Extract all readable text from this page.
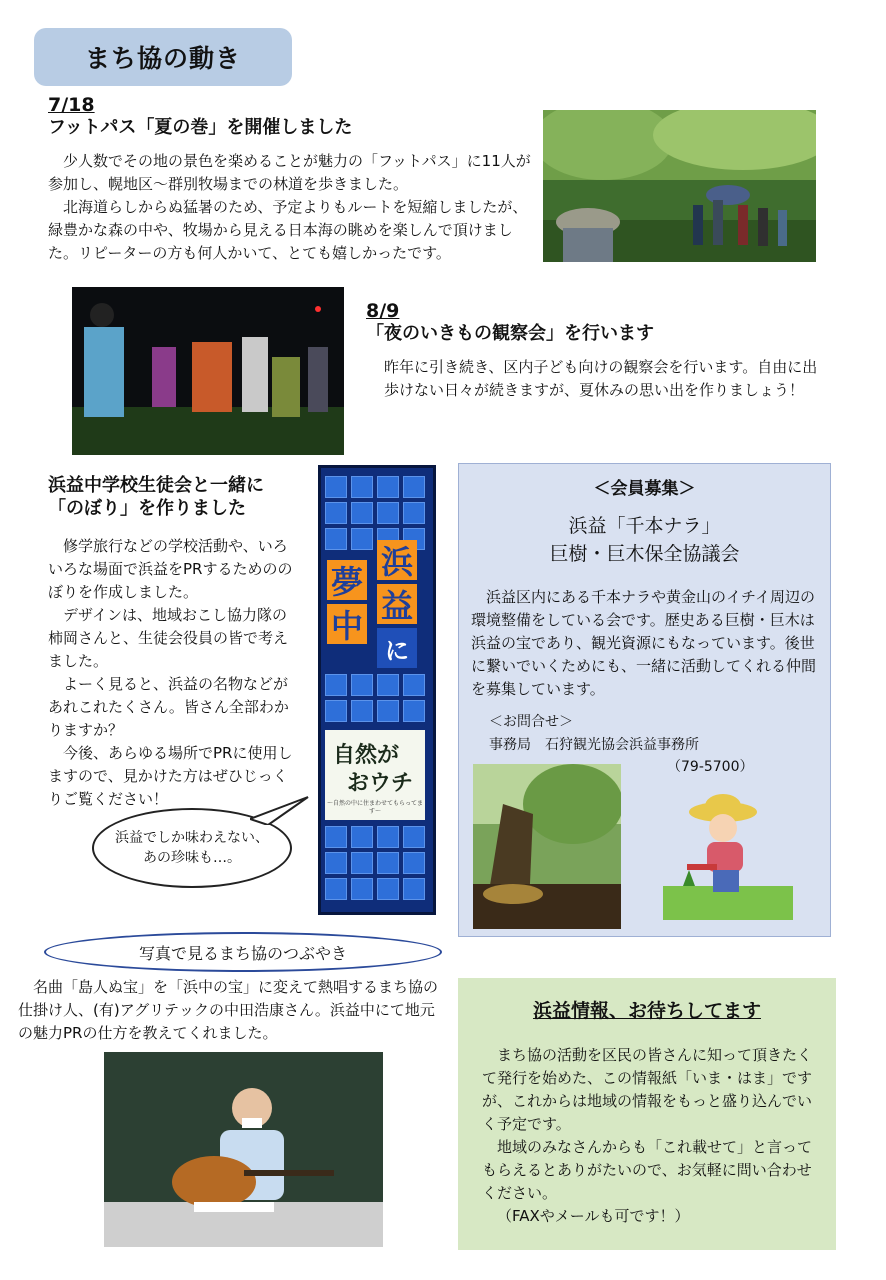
まち協の動き
7/18
フットパス「夏の巻」を開催しました

少人数でその地の景色を楽めることが魅力の「フットパス」に11人が参加し、幌地区～群別牧場までの林道を歩きました。

北海道らしからぬ猛暑のため、予定よりもルートを短縮しましたが、緑豊かな森の中や、牧場から見える日本海の眺めを楽しんで頂けました。リピーターの方も何人かいて、とても嬉しかったです。

8/9
「夜のいきもの観察会」を行います
昨年に引き続き、区内子ども向けの観察会を行います。自由に出歩けない日々が続きますが、夏休みの思い出を作りましょう！
浜益中学校生徒会と一緒に
「のぼり」を作りました

修学旅行などの学校活動や、いろいろな場面で浜益をPRするためののぼりを作成しました。

デザインは、地域おこし協力隊の柿岡さんと、生徒会役員の皆で考えました。

よーく見ると、浜益の名物などがあれこれたくさん。皆さん全部わかりますか？

今後、あらゆる場所でPRに使用しますので、見かけた方はぜひじっくりご覧ください！

浜益でしか味わえない、
あの珍味も…。
夢
中
浜
益
に
自然が
おウチ
～自然の中に住まわせてもらってます～
＜会員募集＞
浜益「千本ナラ」
巨樹・巨木保全協議会

浜益区内にある千本ナラや黄金山のイチイ周辺の環境整備をしている会です。歴史ある巨樹・巨木は浜益の宝であり、観光資源にもなっています。後世に繋いでいくためにも、一緒に活動してくれる仲間を募集しています。

＜お問合せ＞
事務局　石狩観光協会浜益事務所
（79-5700）
写真で見るまち協のつぶやき

名曲「島人ぬ宝」を「浜中の宝」に変えて熱唱するまち協の仕掛け人、(有)アグリテックの中田浩康さん。浜益中にて地元の魅力PRの仕方を教えてくれました。

浜益情報、お待ちしてます

まち協の活動を区民の皆さんに知って頂きたくて発行を始めた、この情報紙「いま・はま」ですが、これからは地域の情報をもっと盛り込んでいく予定です。

地域のみなさんからも「これ載せて」と言ってもらえるとありがたいので、お気軽に問い合わせください。

（FAXやメールも可です！）
